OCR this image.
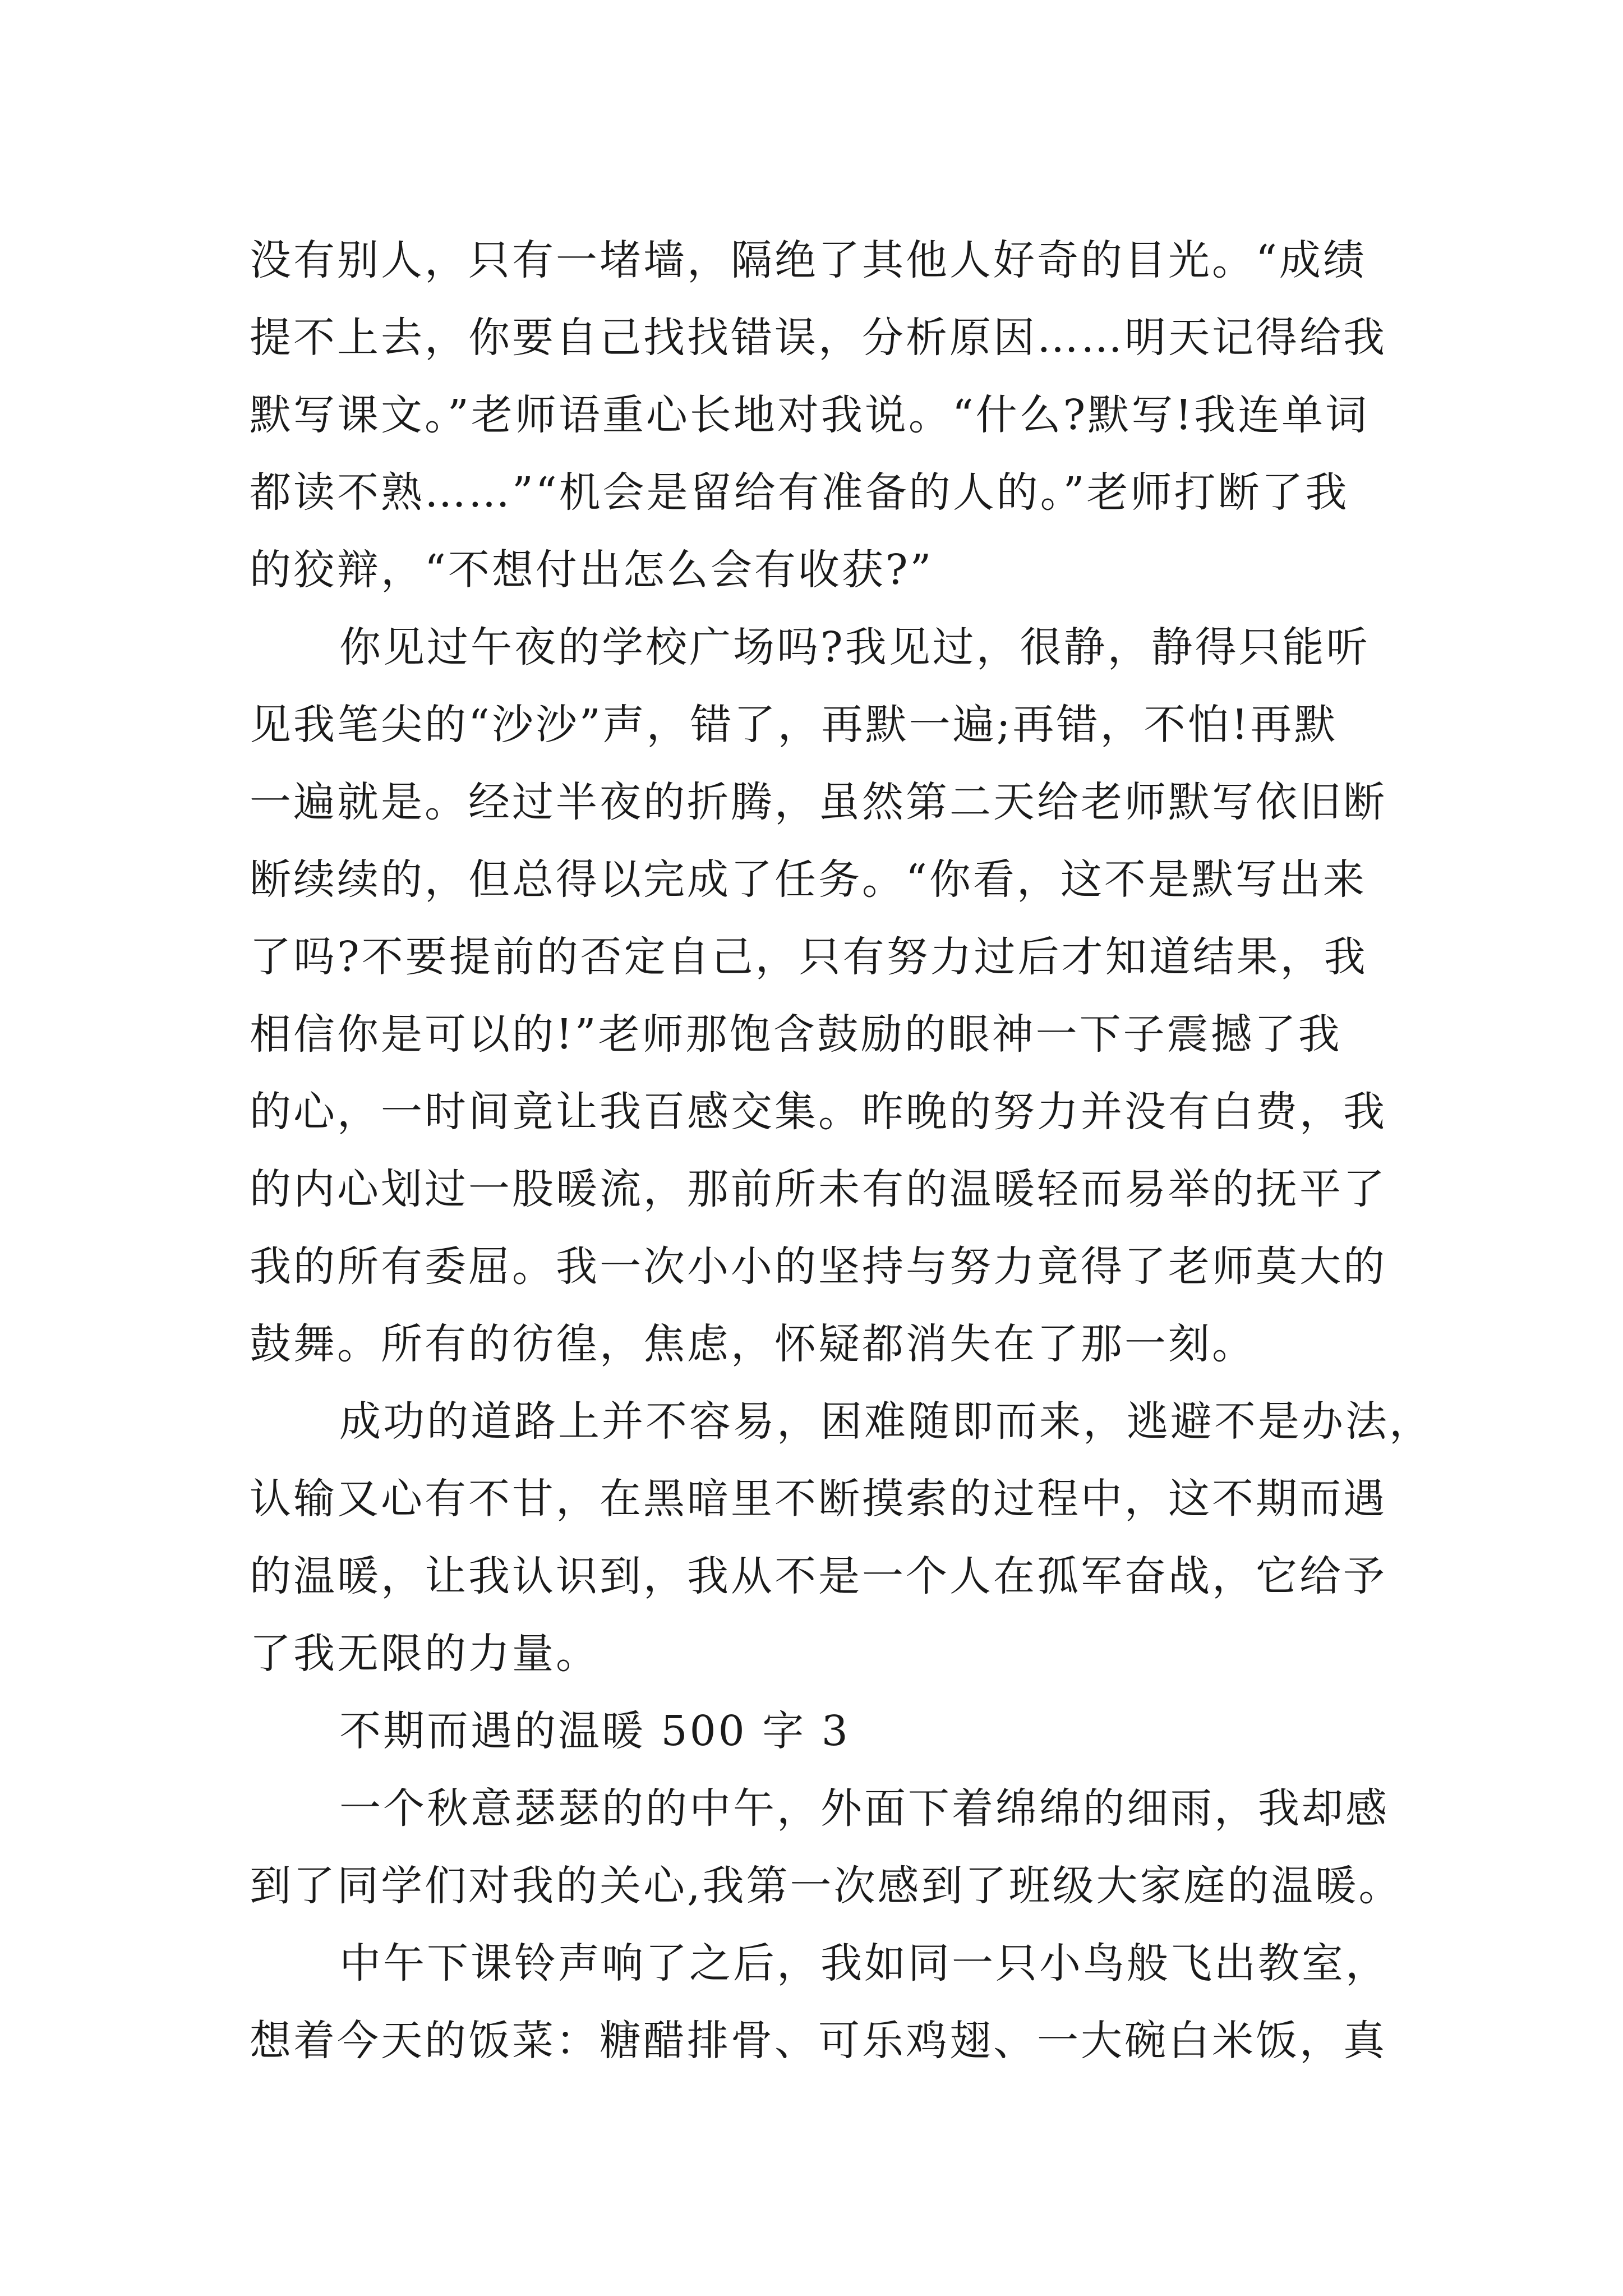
没有别人，只有一堵墙，隔绝了其他人好奇的目光。“成绩
提不上去，你要自己找找错误，分析原因……明天记得给我
默写课文。”老师语重心长地对我说。“什么?默写!我连单词
都读不熟……”“机会是留给有准备的人的。”老师打断了我
的狡辩，“不想付出怎么会有收获?”
你见过午夜的学校广场吗?我见过，很静，静得只能听
见我笔尖的“沙沙”声，错了，再默一遍;再错，不怕!再默
一遍就是。经过半夜的折腾，虽然第二天给老师默写依旧断
断续续的，但总得以完成了任务。“你看，这不是默写出来
了吗?不要提前的否定自己，只有努力过后才知道结果，我
相信你是可以的!”老师那饱含鼓励的眼神一下子震撼了我
的心，一时间竟让我百感交集。昨晚的努力并没有白费，我
的内心划过一股暖流，那前所未有的温暖轻而易举的抚平了
我的所有委屈。我一次小小的坚持与努力竟得了老师莫大的
鼓舞。所有的彷徨，焦虑，怀疑都消失在了那一刻。
成功的道路上并不容易，困难随即而来，逃避不是办法，
认输又心有不甘，在黑暗里不断摸索的过程中，这不期而遇
的温暖，让我认识到，我从不是一个人在孤军奋战，它给予
了我无限的力量。
不期而遇的温暖 500 字 3
一个秋意瑟瑟的的中午，外面下着绵绵的细雨，我却感
到了同学们对我的关心,我第一次感到了班级大家庭的温暖。
中午下课铃声响了之后，我如同一只小鸟般飞出教室，
想着今天的饭菜：糖醋排骨、可乐鸡翅、一大碗白米饭，真
